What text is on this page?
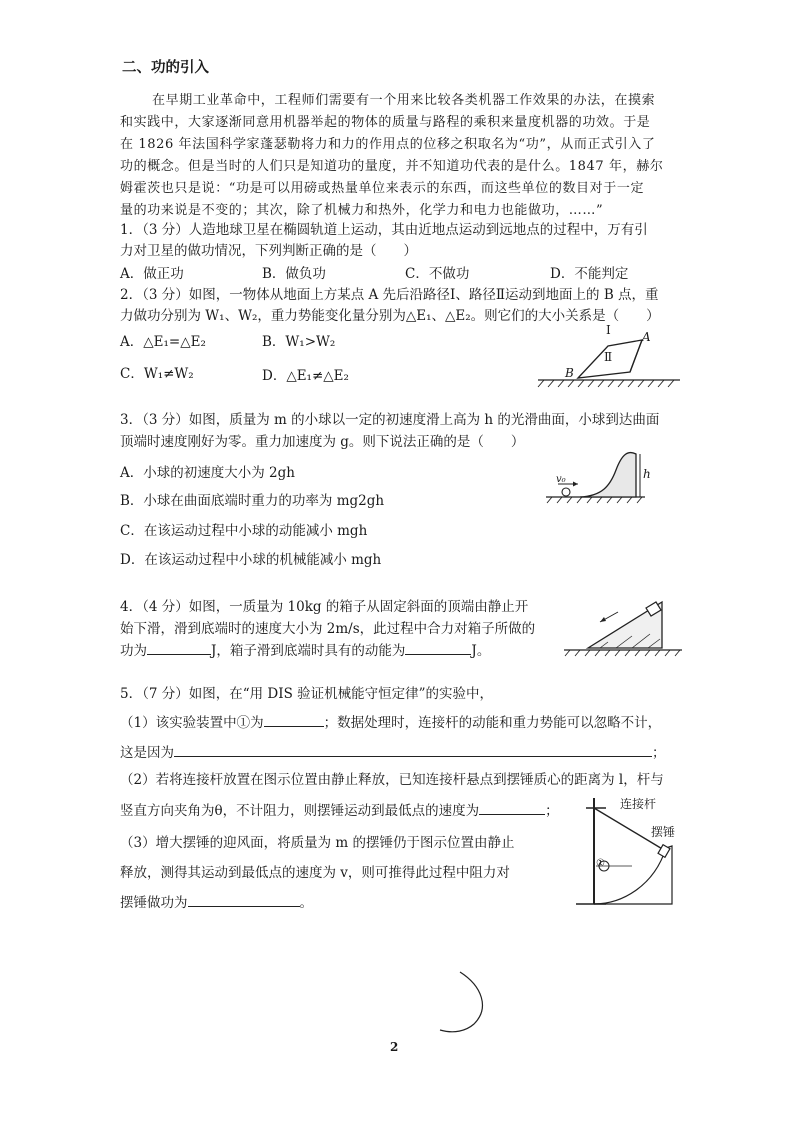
二、功的引入
在早期工业革命中，工程师们需要有一个用来比较各类机器工作效果的办法，在摸索
和实践中，大家逐渐同意用机器举起的物体的质量与路程的乘积来量度机器的功效。于是
在 1826 年法国科学家蓬瑟勒将力和力的作用点的位移之积取名为“功”，从而正式引入了
功的概念。但是当时的人们只是知道功的量度，并不知道功代表的是什么。1847 年，赫尔
姆霍茨也只是说：“功是可以用磅或热量单位来表示的东西，而这些单位的数目对于一定
量的功来说是不变的；其次，除了机械力和热外，化学力和电力也能做功，……”
1．（3 分）人造地球卫星在椭圆轨道上运动，其由近地点运动到远地点的过程中，万有引
力对卫星的做功情况，下列判断正确的是（　　）
A．做正功	B．做负功	C．不做功	D．不能判定
2．（3 分）如图，一物体从地面上方某点 A 先后沿路径Ⅰ、路径Ⅱ运动到地面上的 B 点，重
力做功分别为 W₁、W₂，重力势能变化量分别为△E₁、△E₂。则它们的大小关系是（　　）
A．△E₁=△E₂	B．W₁>W₂
C．W₁≠W₂	D．△E₁≠△E₂
Ⅰ
Ⅱ
A
B
3．（3 分）如图，质量为 m 的小球以一定的初速度滑上高为 h 的光滑曲面，小球到达曲面
顶端时速度刚好为零。重力加速度为 g。则下说法正确的是（　　）
A．小球的初速度大小为 2gh
B．小球在曲面底端时重力的功率为 mg2gh
C．在该运动过程中小球的动能减小 mgh
D．在该运动过程中小球的机械能减小 mgh
v₀	h
4．（4 分）如图，一质量为 10kg 的箱子从固定斜面的顶端由静止开
始下滑，滑到底端时的速度大小为 2m/s，此过程中合力对箱子所做的
功为	J，箱子滑到底端时具有的动能为	J。
5．（7 分）如图，在“用 DIS 验证机械能守恒定律”的实验中，
（1）该实验装置中①为	；数据处理时，连接杆的动能和重力势能可以忽略不计，
这是因为	；
（2）若将连接杆放置在图示位置由静止释放，已知连接杆悬点到摆锤质心的距离为 l，杆与
竖直方向夹角为θ，不计阻力，则摆锤运动到最低点的速度为	；
（3）增大摆锤的迎风面，将质量为 m 的摆锤仍于图示位置由静止
释放，测得其运动到最低点的速度为 v，则可推得此过程中阻力对
摆锤做功为	。
连接杆
摆锤
①
2
